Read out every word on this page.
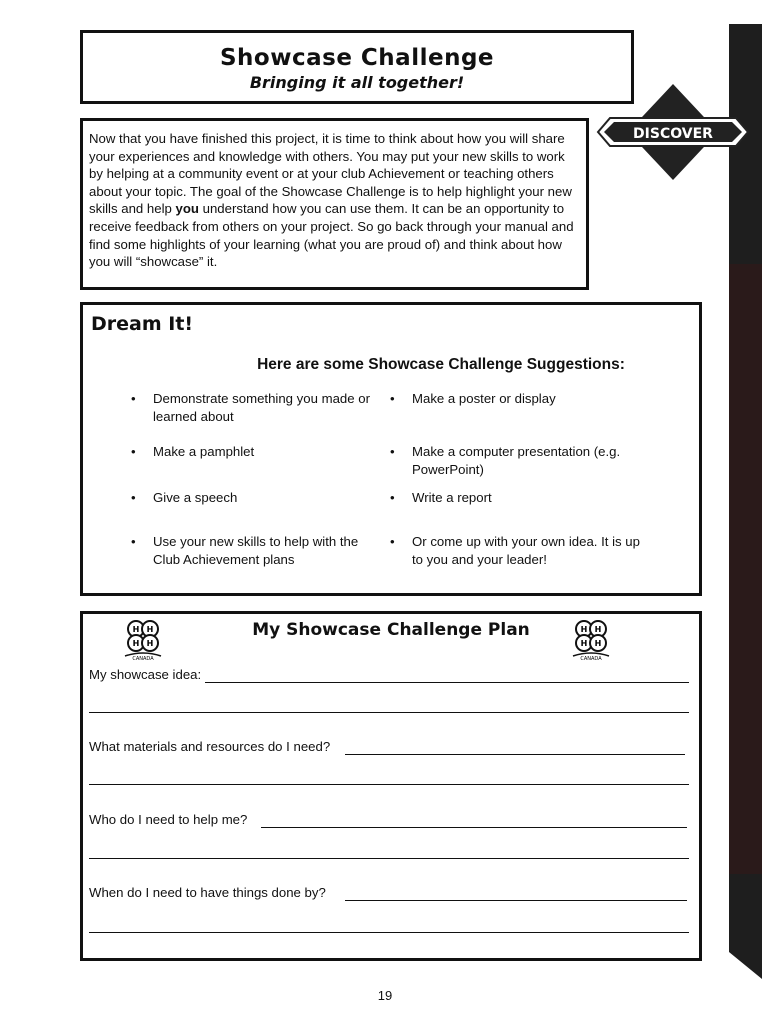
Showcase Challenge
Bringing it all together!
DISCOVER

Now that you have finished this project, it is time to think about how you will share your experiences and knowledge with others. You may put your new skills to work by helping at a community event or at your club Achievement or teaching others about your topic. The goal of the Showcase Challenge is to help highlight your new skills and help you understand how you can use them. It can be an opportunity to receive feedback from others on your project. So go back through your manual and find some highlights of your learning (what you are proud of) and think about how you will “showcase” it.

Dream It!
Here are some Showcase Challenge Suggestions:
• Demonstrate something you made or learned about
• Make a poster or display
• Make a pamphlet	• Make a computer presentation (e.g. PowerPoint)
• Give a speech	• Write a report
• Use your new skills to help with the Club Achievement plans
• Or come up with your own idea. It is up to you and your leader!
H H
H H
CANADA
H H
H H
CANADA
My Showcase Challenge Plan
My showcase idea:
What materials and resources do I need?
Who do I need to help me?
When do I need to have things done by?
19
